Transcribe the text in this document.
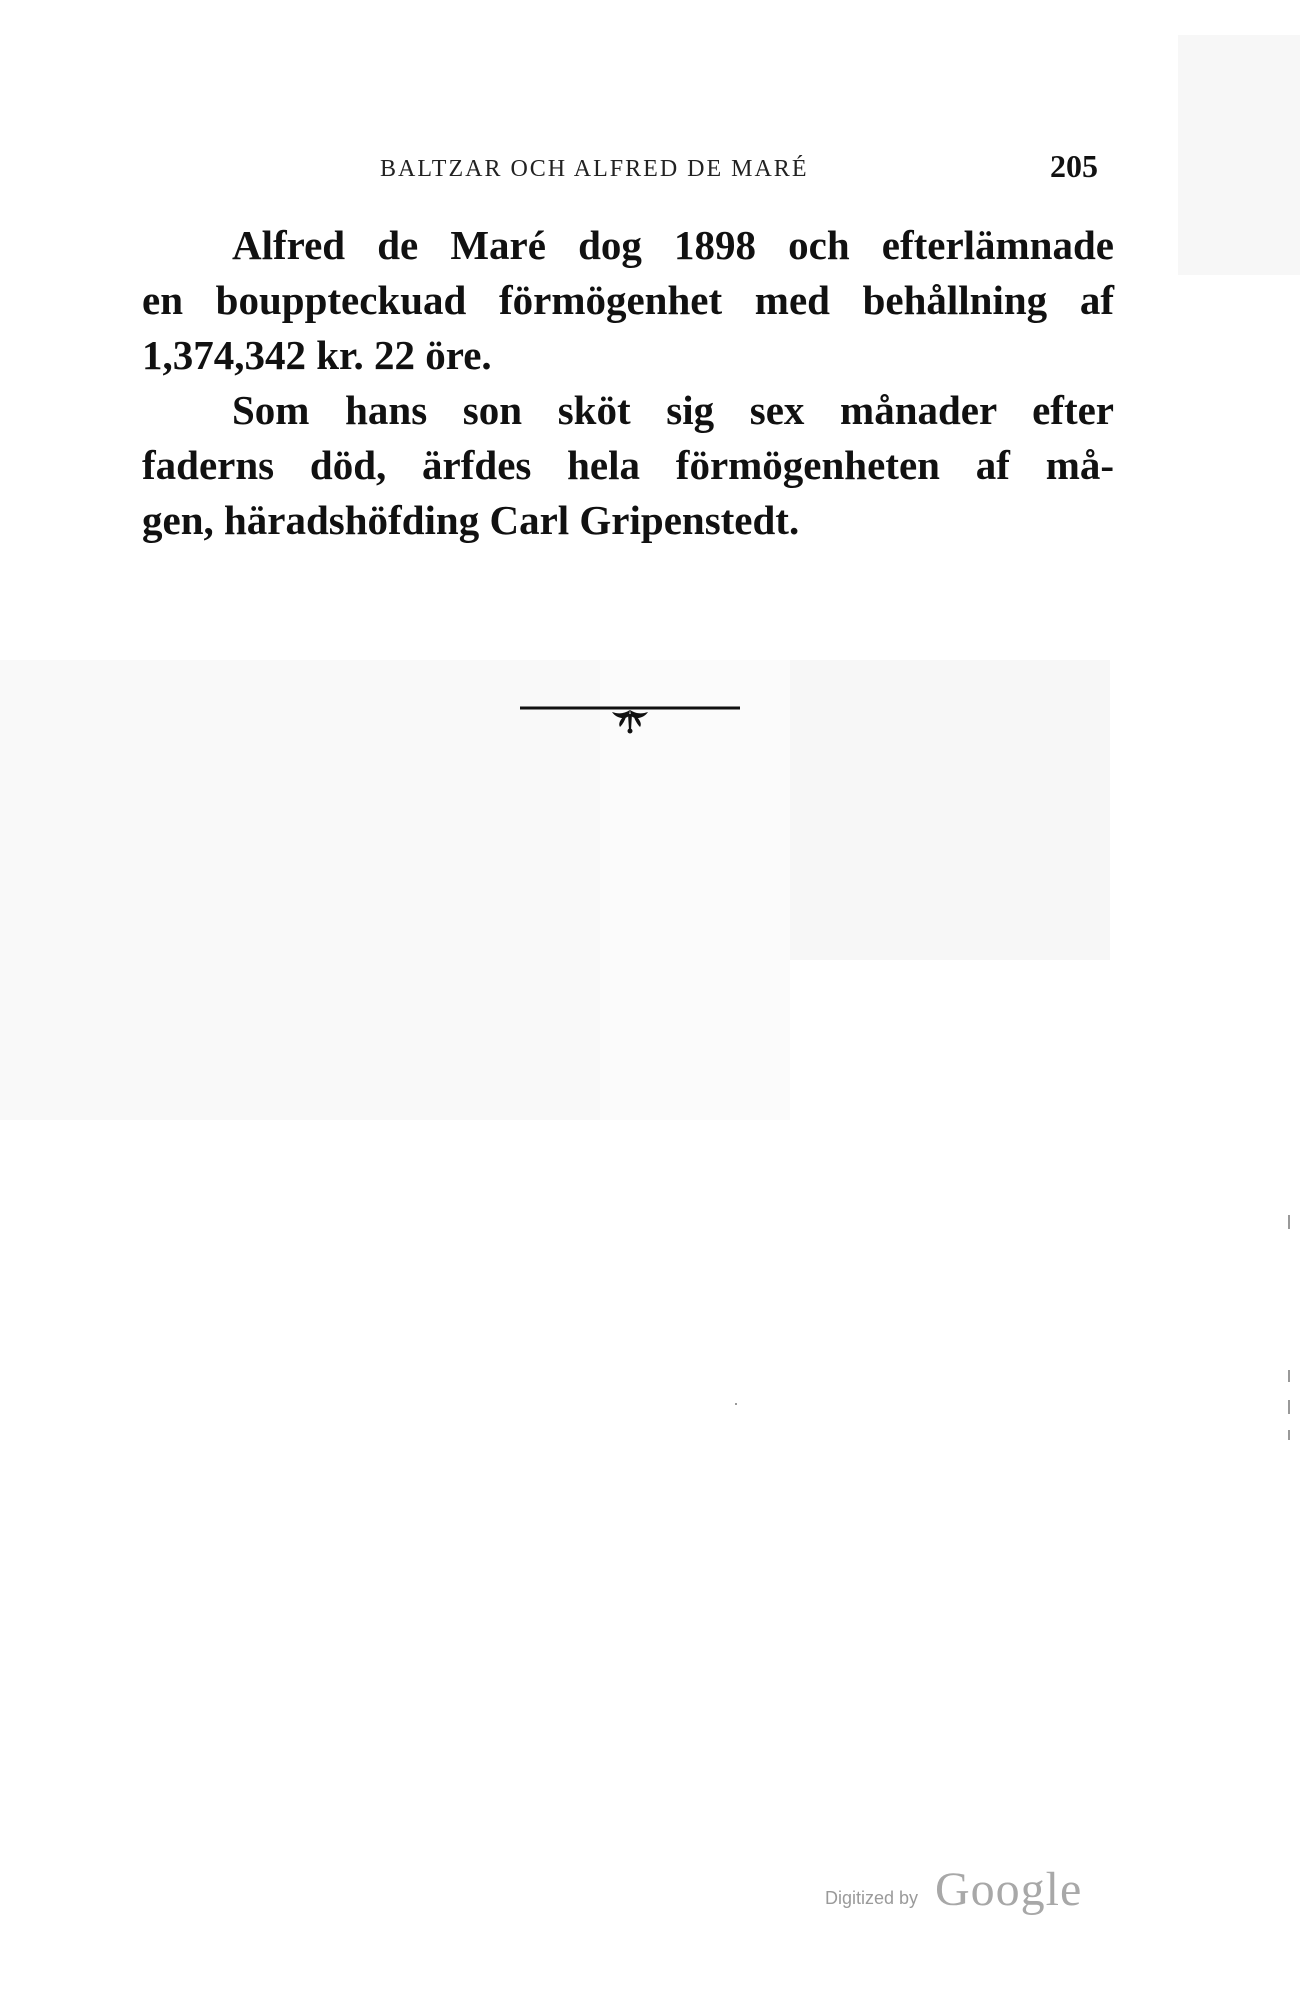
BALTZAR OCH ALFRED DE MARÉ	205
Alfred de Maré dog 1898 och efterlämnade
en bouppteckuad förmögenhet med behållning af
1,374,342 kr. 22 öre.
Som hans son sköt sig sex månader efter
faderns död, ärfdes hela förmögenheten af må-
gen, häradshöfding Carl Gripenstedt.
Digitized by Google
